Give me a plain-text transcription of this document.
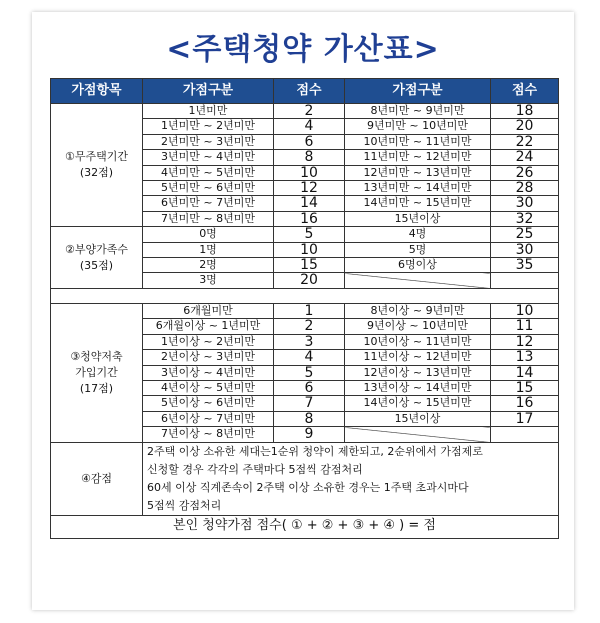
<주택청약 가산표>
가점항목	가점구분	점수	가점구분	점수

①무주택기간
(32점)	1년미만	2	8년미만 ~ 9년미만	18
	1년미만 ~ 2년미만	4	9년미만 ~ 10년미만	20
	2년미만 ~ 3년미만	6	10년미만 ~ 11년미만	22
	3년미만 ~ 4년미만	8	11년미만 ~ 12년미만	24
	4년미만 ~ 5년미만	10	12년미만 ~ 13년미만	26
	5년미만 ~ 6년미만	12	13년미만 ~ 14년미만	28
	6년미만 ~ 7년미만	14	14년미만 ~ 15년미만	30
	7년미만 ~ 8년미만	16	15년이상	32

②부양가족수
(35점)	0명	5	4명	25
	1명	10	5명	30
	2명	15	6명이상	35
	3명	20		

③청약저축
가입기간
(17점)	6개월미만	1	8년이상 ~ 9년미만	10
	6개월이상 ~ 1년미만	2	9년이상 ~ 10년미만	11
	1년이상 ~ 2년미만	3	10년이상 ~ 11년미만	12
	2년이상 ~ 3년미만	4	11년이상 ~ 12년미만	13
	3년이상 ~ 4년미만	5	12년이상 ~ 13년미만	14
	4년이상 ~ 5년미만	6	13년이상 ~ 14년미만	15
	5년이상 ~ 6년미만	7	14년이상 ~ 15년미만	16
	6년이상 ~ 7년미만	8	15년이상	17
	7년이상 ~ 8년미만	9		
④감점	2주택 이상 소유한 세대는1순위 청약이 제한되고, 2순위에서 가점제로
신청할 경우 각각의 주택마다 5점씩 감점처리
60세 이상 직계존속이 2주택 이상 소유한 경우는 1주택 초과시마다
5점씩 감점처리			

본인 청약가점 점수( ① + ② + ③ + ④ ) = 점				
